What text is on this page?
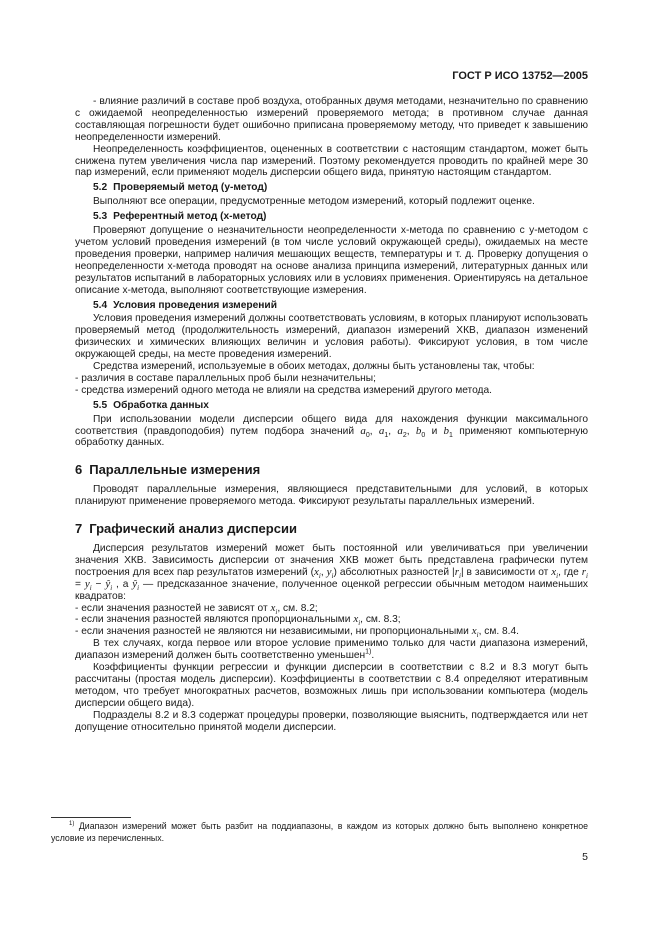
ГОСТ Р ИСО 13752—2005

- влияние различий в составе проб воздуха, отобранных двумя методами, незначительно по сравнению с ожидаемой неопределенностью измерений проверяемого метода; в противном случае данная составляющая погрешности будет ошибочно приписана проверяемому методу, что приведет к завышению неопределенности измерений.

Неопределенность коэффициентов, оцененных в соответствии с настоящим стандартом, может быть снижена путем увеличения числа пар измерений. Поэтому рекомендуется проводить по крайней мере 30 пар измерений, если применяют модель дисперсии общего вида, принятую настоящим стандартом.

5.2 Проверяемый метод (y-метод)

Выполняют все операции, предусмотренные методом измерений, который подлежит оценке.

5.3 Референтный метод (x-метод)

Проверяют допущение о незначительности неопределенности x-метода по сравнению с y-методом с учетом условий проведения измерений (в том числе условий окружающей среды), ожидаемых на месте проведения проверки, например наличия мешающих веществ, температуры и т. д. Проверку допущения о неопределенности x-метода проводят на основе анализа принципа измерений, литературных данных или результатов испытаний в лабораторных условиях или в условиях применения. Ориентируясь на детальное описание x-метода, выполняют соответствующие измерения.

5.4 Условия проведения измерений

Условия проведения измерений должны соответствовать условиям, в которых планируют использовать проверяемый метод (продолжительность измерений, диапазон измерений ХКВ, диапазон изменений физических и химических влияющих величин и условия работы). Фиксируют условия, в том числе окружающей среды, на месте проведения измерений.

Средства измерений, используемые в обоих методах, должны быть установлены так, чтобы:

- различия в составе параллельных проб были незначительны;

- средства измерений одного метода не влияли на средства измерений другого метода.

5.5 Обработка данных

При использовании модели дисперсии общего вида для нахождения функции максимального соответствия (правдоподобия) путем подбора значений $a_0$, $a_1$, $a_2$, $b_0$ и $b_1$ применяют компьютерную обработку данных.

6 Параллельные измерения

Проводят параллельные измерения, являющиеся представительными для условий, в которых планируют применение проверяемого метода. Фиксируют результаты параллельных измерений.

7 Графический анализ дисперсии

Дисперсия результатов измерений может быть постоянной или увеличиваться при увеличении значения ХКВ. Зависимость дисперсии от значения ХКВ может быть представлена графически путем построения для всех пар результатов измерений ($x_i$, $y_i$) абсолютных разностей $|r_i|$ в зависимости от $x_i$, где $r_i = y_i$ − $ŷ_i$ , а $ŷ_i$ — предсказанное значение, полученное оценкой регрессии обычным методом наименьших квадратов:

- если значения разностей не зависят от $x_i$, см. 8.2;

- если значения разностей являются пропорциональными $x_i$, см. 8.3;

- если значения разностей не являются ни независимыми, ни пропорциональными $x_i$, см. 8.4.

В тех случаях, когда первое или второе условие применимо только для части диапазона измерений, диапазон измерений должен быть соответственно уменьшен$^{1)}$.

Коэффициенты функции регрессии и функции дисперсии в соответствии с 8.2 и 8.3 могут быть рассчитаны (простая модель дисперсии). Коэффициенты в соответствии с 8.4 определяют итеративным методом, что требует многократных расчетов, возможных лишь при использовании компьютера (модель дисперсии общего вида).

Подразделы 8.2 и 8.3 содержат процедуры проверки, позволяющие выяснить, подтверждается или нет допущение относительно принятой модели дисперсии.

$^{1)}$ Диапазон измерений может быть разбит на поддиапазоны, в каждом из которых должно быть выполнено конкретное условие из перечисленных.
5
